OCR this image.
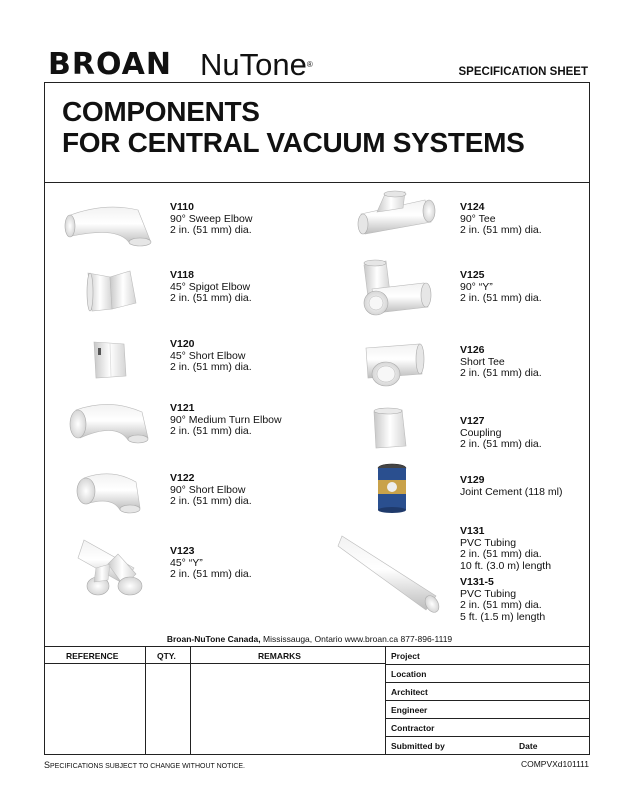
BROAN NuTone®
SPECIFICATION SHEET
COMPONENTS
FOR CENTRAL VACUUM SYSTEMS
V110
90° Sweep Elbow
2 in. (51 mm) dia.
V118
45° Spigot Elbow
2 in. (51 mm) dia.
V120
45° Short Elbow
2 in. (51 mm) dia.
V121
90° Medium Turn Elbow
2 in. (51 mm) dia.
V122
90° Short Elbow
2 in. (51 mm) dia.
V123
45° “Y”
2 in. (51 mm) dia.
V124
90° Tee
2 in. (51 mm) dia.
V125
90° “Y”
2 in. (51 mm) dia.
V126
Short Tee
2 in. (51 mm) dia.
V127
Coupling
2 in. (51 mm) dia.
V129
Joint Cement (118 ml)
V131
PVC Tubing
2 in. (51 mm) dia.
10 ft. (3.0 m) length
V131-5
PVC Tubing
2 in. (51 mm) dia.
5 ft. (1.5 m) length
Broan-NuTone Canada, Mississauga, Ontario www.broan.ca 877-896-1119
REFERENCE	QTY.	REMARKS	Project
Location
Architect
Engineer
Contractor
Submitted by	Date
SPECIFICATIONS SUBJECT TO CHANGE WITHOUT NOTICE.	COMPVXd101111
